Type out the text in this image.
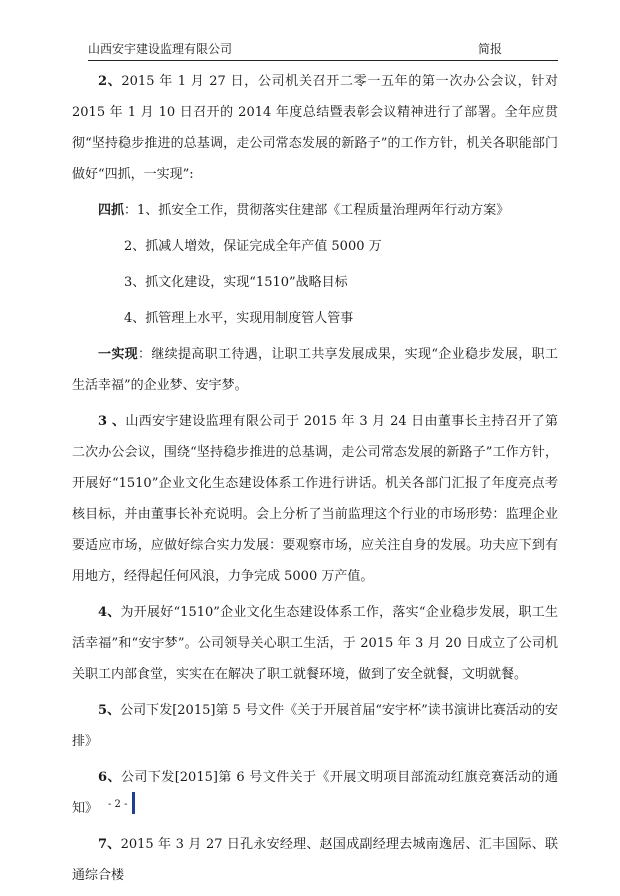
山西安宇建设监理有限公司	简报

2、2015 年 1 月 27 日，公司机关召开二零一五年的第一次办公会议，针对 2015 年 1 月 10 日召开的 2014 年度总结暨表彰会议精神进行了部署。全年应贯彻“坚持稳步推进的总基调，走公司常态发展的新路子”的工作方针，机关各职能部门做好“四抓，一实现”:

四抓：1、抓安全工作，贯彻落实住建部《工程质量治理两年行动方案》

2、抓减人增效，保证完成全年产值 5000 万

3、抓文化建设，实现“1510”战略目标

4、抓管理上水平，实现用制度管人管事

一实现：继续提高职工待遇，让职工共享发展成果，实现“企业稳步发展，职工生活幸福”的企业梦、安宇梦。

3 、山西安宇建设监理有限公司于 2015 年 3 月 24 日由董事长主持召开了第二次办公会议，围绕“坚持稳步推进的总基调，走公司常态发展的新路子”工作方针，开展好“1510”企业文化生态建设体系工作进行讲话。机关各部门汇报了年度亮点考核目标，并由董事长补充说明。会上分析了当前监理这个行业的市场形势：监理企业要适应市场，应做好综合实力发展：要观察市场，应关注自身的发展。功夫应下到有用地方，经得起任何风浪，力争完成 5000 万产值。

4、为开展好“1510”企业文化生态建设体系工作，落实“企业稳步发展，职工生活幸福”和“安宇梦”。公司领导关心职工生活，于 2015 年 3 月 20 日成立了公司机关职工内部食堂，实实在在解决了职工就餐环境，做到了安全就餐，文明就餐。

5、公司下发[2015]第 5 号文件《关于开展首届“安宇杯”读书演讲比赛活动的安排》

6、公司下发[2015]第 6 号文件关于《开展文明项目部流动红旗竞赛活动的通知》

7、2015 年 3 月 27 日孔永安经理、赵国成副经理去城南逸居、汇丰国际、联通综合楼

- 2 -
